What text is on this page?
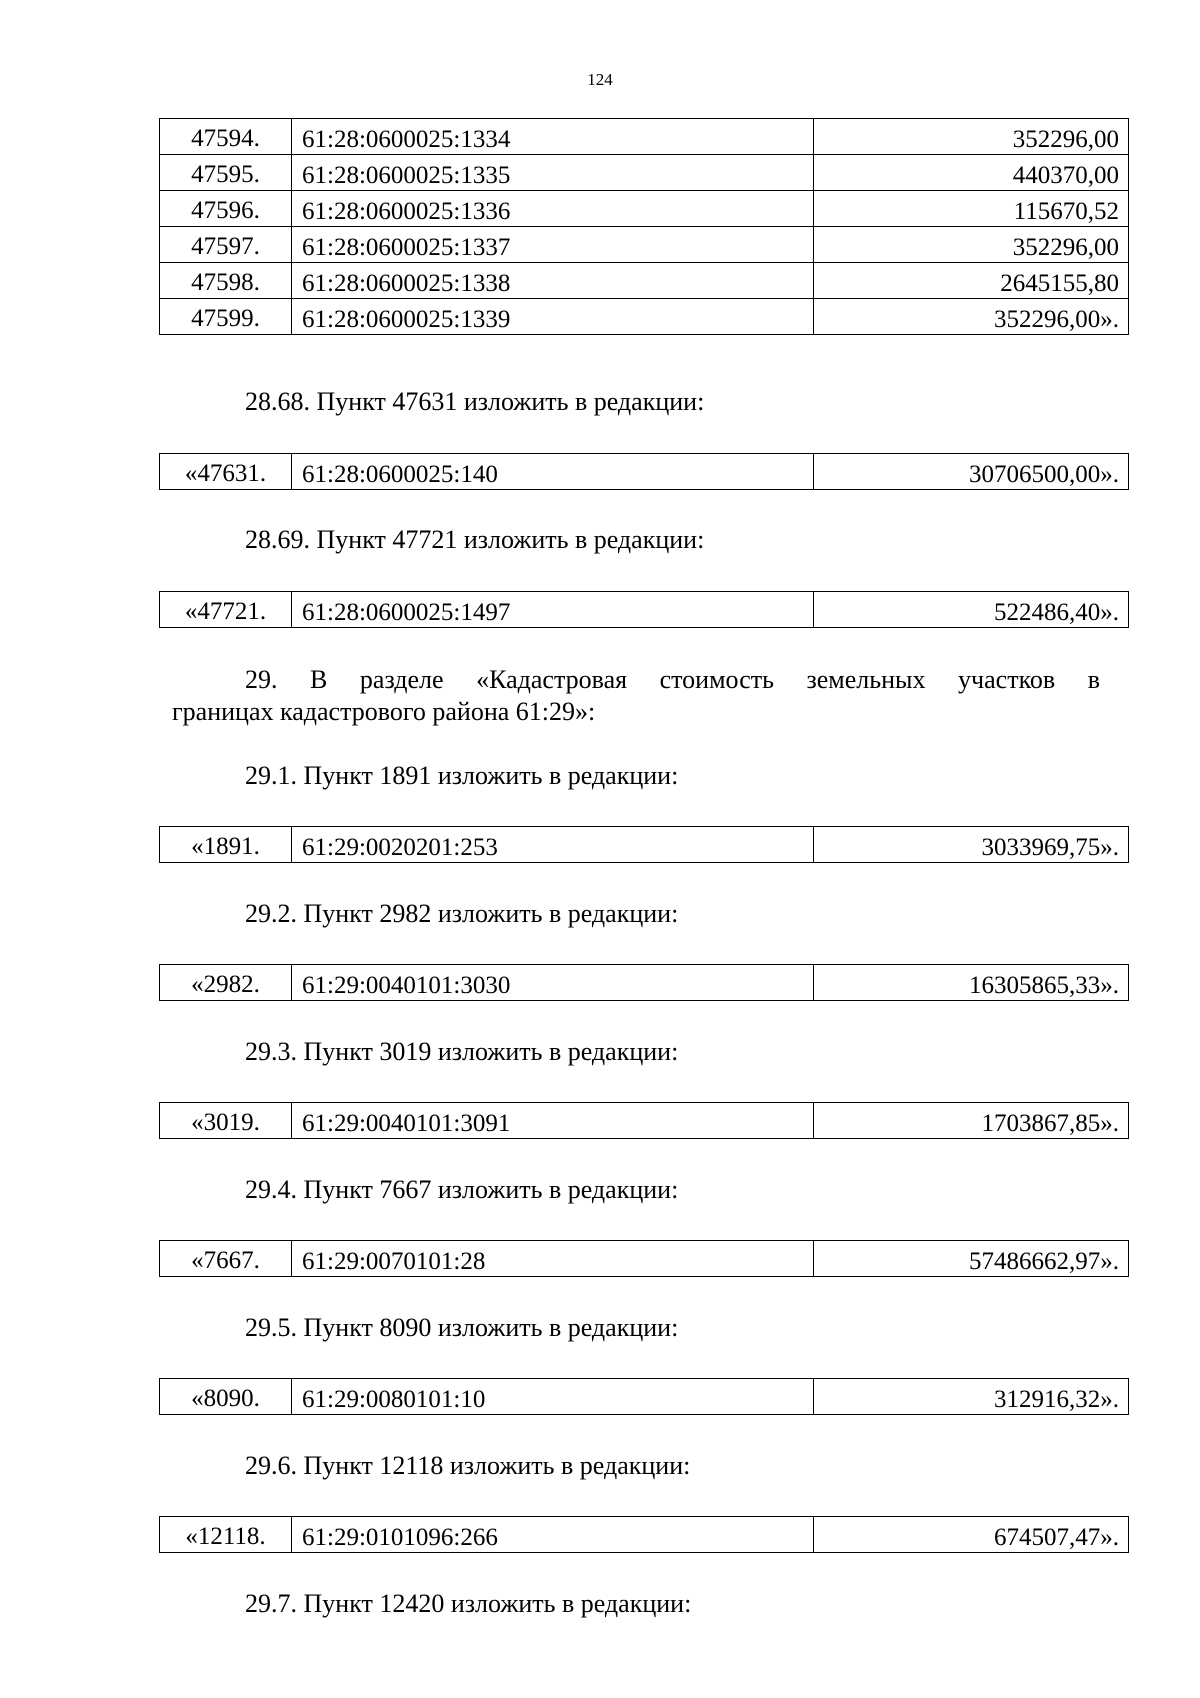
124
47594.	61:28:0600025:1334	352296,00
47595.	61:28:0600025:1335	440370,00
47596.	61:28:0600025:1336	115670,52
47597.	61:28:0600025:1337	352296,00
47598.	61:28:0600025:1338	2645155,80
47599.	61:28:0600025:1339	352296,00».
28.68. Пункт 47631 изложить в редакции:
«47631.	61:28:0600025:140	30706500,00».
28.69. Пункт 47721 изложить в редакции:
«47721.	61:28:0600025:1497	522486,40».
29. В разделе «Кадастровая стоимость земельных участков в
границах кадастрового района 61:29»:
29.1. Пункт 1891 изложить в редакции:
«1891.	61:29:0020201:253	3033969,75».
29.2. Пункт 2982 изложить в редакции:
«2982.	61:29:0040101:3030	16305865,33».
29.3. Пункт 3019 изложить в редакции:
«3019.	61:29:0040101:3091	1703867,85».
29.4. Пункт 7667 изложить в редакции:
«7667.	61:29:0070101:28	57486662,97».
29.5. Пункт 8090 изложить в редакции:
«8090.	61:29:0080101:10	312916,32».
29.6. Пункт 12118 изложить в редакции:
«12118.	61:29:0101096:266	674507,47».
29.7. Пункт 12420 изложить в редакции:
